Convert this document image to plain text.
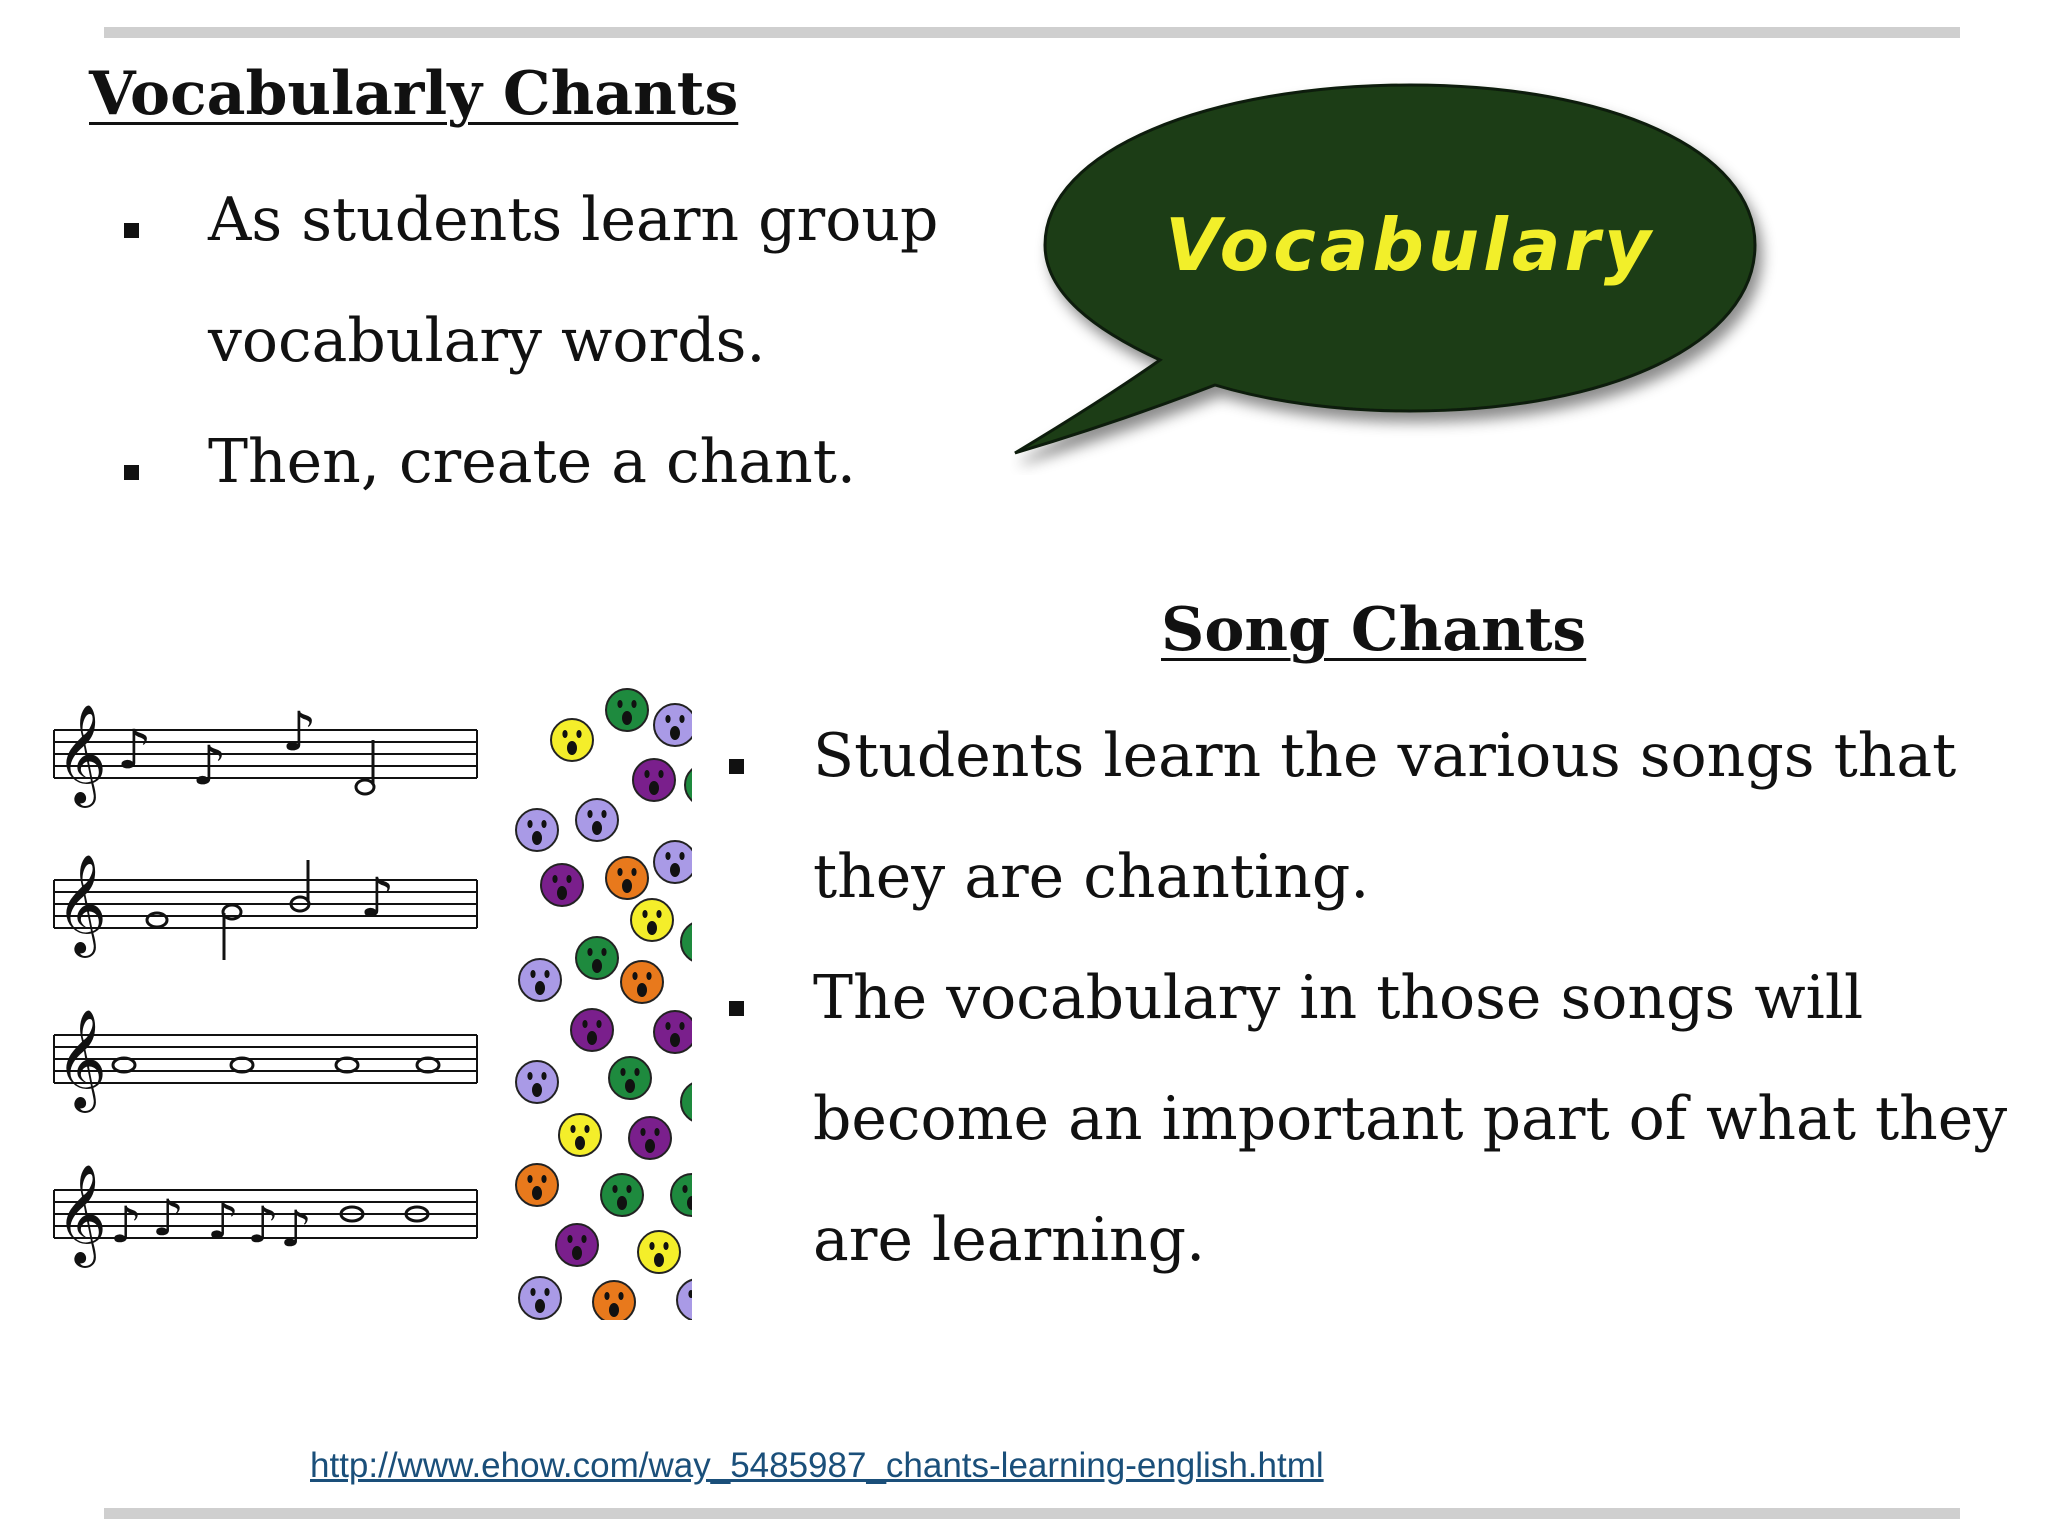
Vocabularly Chants
As students learn group
vocabulary words.
Then, create a chant.
Vocabulary
Song Chants
𝄞
𝄞
𝄞
𝄞
♪ ♪
♪
♪
♪ ♪ ♪ ♪ ♪
Students learn the various songs that
they are chanting.
The vocabulary in those songs will
become an important part of what they
are learning.
http://www.ehow.com/way_5485987_chants-learning-english.html
